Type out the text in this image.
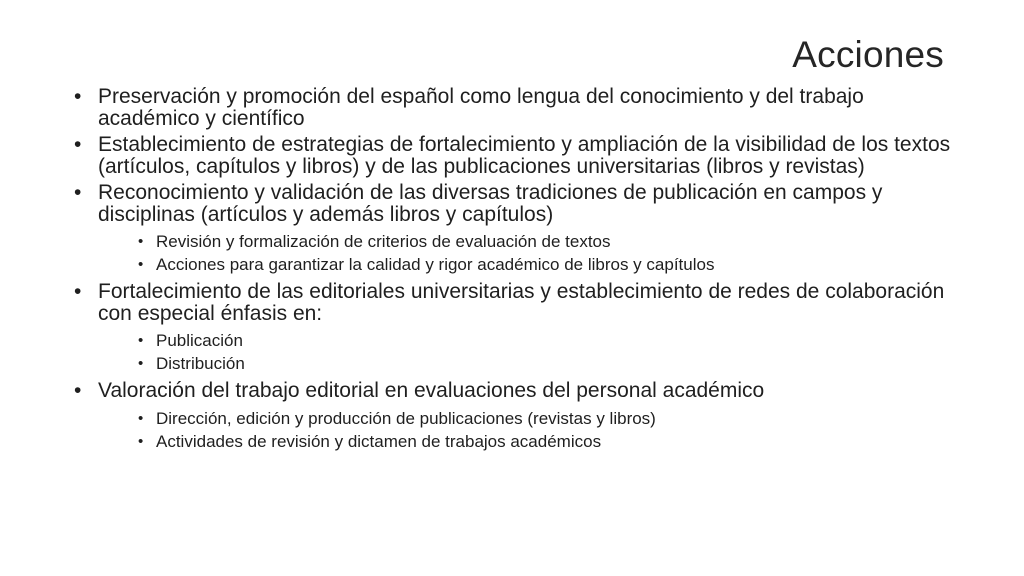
Acciones
• Preservación y promoción del español como lengua del conocimiento y del trabajo académico y científico
• Establecimiento de estrategias de fortalecimiento y ampliación de la visibilidad de los textos (artículos, capítulos y libros) y de las publicaciones universitarias (libros y revistas)
• Reconocimiento y validación de las diversas tradiciones de publicación en campos y disciplinas (artículos y además libros y capítulos)
• Revisión y formalización de criterios de evaluación de textos
• Acciones para garantizar la calidad y rigor académico de libros y capítulos
• Fortalecimiento de las editoriales universitarias y establecimiento de redes de colaboración con especial énfasis en:
• Publicación
• Distribución
• Valoración del trabajo editorial en evaluaciones del personal académico
• Dirección, edición y producción de publicaciones (revistas y libros)
• Actividades de revisión y dictamen de trabajos académicos
